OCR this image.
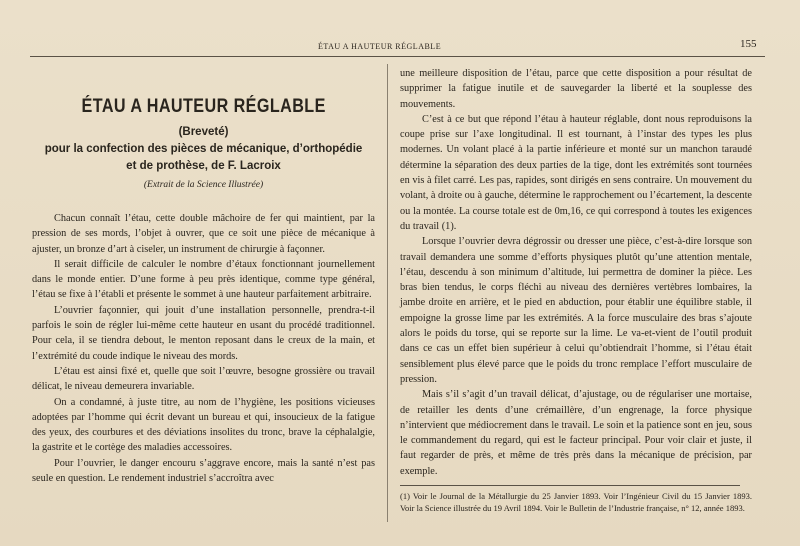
ÉTAU A HAUTEUR RÉGLABLE	155
ÉTAU A HAUTEUR RÉGLABLE
(Breveté)
pour la confection des pièces de mécanique, d’orthopédie
et de prothèse, de F. Lacroix
(Extrait de la Science Illustrée)

Chacun connaît l’étau, cette double mâchoire de fer qui maintient, par la pression de ses mords, l’objet à ouvrer, que ce soit une pièce de mécanique à ajuster, un bronze d’art à ciseler, un instrument de chirurgie à façonner.

Il serait difficile de calculer le nombre d’étaux fonctionnant journellement dans le monde entier. D’une forme à peu près identique, comme type général, l’étau se fixe à l’établi et présente le sommet à une hauteur parfaitement arbitraire.

L’ouvrier façonnier, qui jouit d’une installation personnelle, prendra-t-il parfois le soin de régler lui-même cette hauteur en usant du procédé traditionnel. Pour cela, il se tiendra debout, le menton reposant dans le creux de la main, et l’extrémité du coude indique le niveau des mords.

L’étau est ainsi fixé et, quelle que soit l’œuvre, besogne grossière ou travail délicat, le niveau demeurera invariable.

On a condamné, à juste titre, au nom de l’hygiène, les positions vicieuses adoptées par l’homme qui écrit devant un bureau et qui, insoucieux de la fatigue des yeux, des courbures et des déviations insolites du tronc, brave la céphalalgie, la gastrite et le cortège des maladies accessoires.

Pour l’ouvrier, le danger encouru s’aggrave encore, mais la santé n’est pas seule en question. Le rendement industriel s’accroîtra avec

une meilleure disposition de l’étau, parce que cette disposition a pour résultat de supprimer la fatigue inutile et de sauvegarder la liberté et la souplesse des mouvements.

C’est à ce but que répond l’étau à hauteur réglable, dont nous reproduisons la coupe prise sur l’axe longitudinal. Il est tournant, à l’instar des types les plus modernes. Un volant placé à la partie inférieure et monté sur un manchon taraudé détermine la séparation des deux parties de la tige, dont les extrémités sont tournées en vis à filet carré. Les pas, rapides, sont dirigés en sens contraire. Un mouvement du volant, à droite ou à gauche, détermine le rapprochement ou l’écartement, la descente ou la montée. La course totale est de 0m,16, ce qui correspond à toutes les exigences du travail (1).

Lorsque l’ouvrier devra dégrossir ou dresser une pièce, c’est-à-dire lorsque son travail demandera une somme d’efforts physiques plutôt qu’une attention mentale, l’étau, descendu à son minimum d’altitude, lui permettra de dominer la pièce. Les bras bien tendus, le corps fléchi au niveau des dernières vertèbres lombaires, la jambe droite en arrière, et le pied en abduction, pour établir une équilibre stable, il empoigne la grosse lime par les extrémités. A la force musculaire des bras s’ajoute alors le poids du torse, qui se reporte sur la lime. Le va-et-vient de l’outil produit dans ce cas un effet bien supérieur à celui qu’obtiendrait l’homme, si l’étau était sensiblement plus élevé parce que le poids du tronc remplace l’effort musculaire de pression.

Mais s’il s’agit d’un travail délicat, d’ajustage, ou de régulariser une mortaise, de retailler les dents d’une crémaillère, d’un engrenage, la force physique n’intervient que médiocrement dans le travail. Le soin et la patience sont en jeu, sous le commandement du regard, qui est le facteur principal. Pour voir clair et juste, il faut regarder de près, et même de très près dans la mécanique de précision, par exemple.

(1) Voir le Journal de la Métallurgie du 25 Janvier 1893. Voir l’Ingénieur Civil du 15 Janvier 1893. Voir la Science illustrée du 19 Avril 1894. Voir le Bulletin de l’Industrie française, n° 12, année 1893.
